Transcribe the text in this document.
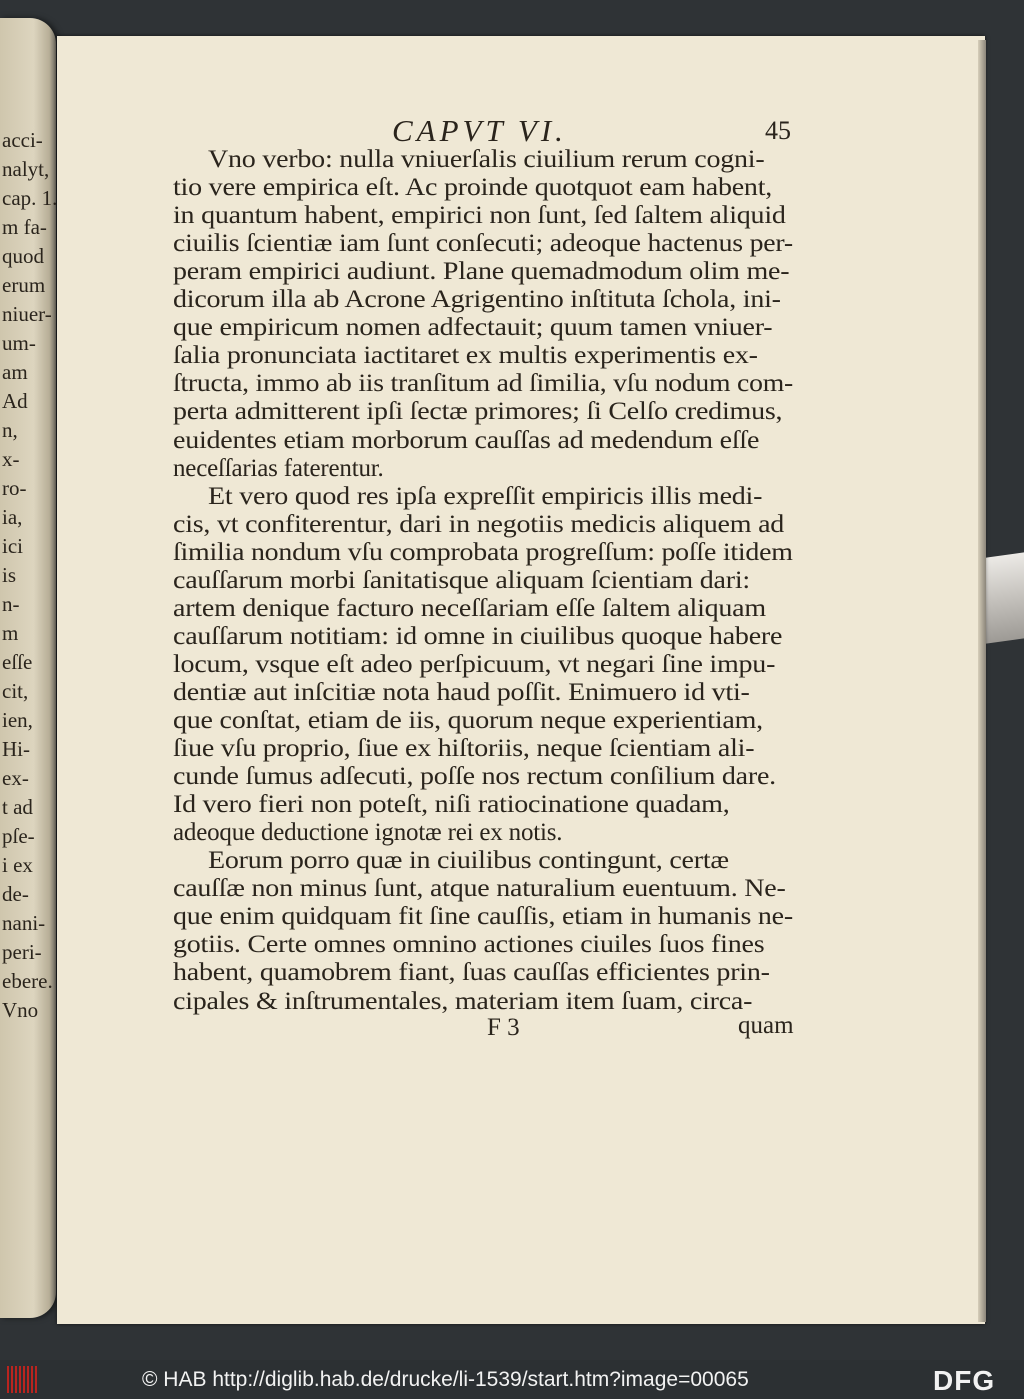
acci-
nalyt,
cap. 1.
m fa-
quod
erum
niuer-
um-
am
Ad
n,
x-
ro-
ia,
ici
is
n-
m
eſſe
cit,
ien,
Hi-
ex-
t ad
pſe-
i ex
de-
nani-
peri-
ebere.
Vno
CAPVT VI.	45
Vno verbo: nulla vniuerſalis ciuilium rerum cogni-
tio vere empirica eſt. Ac proinde quotquot eam habent,
in quantum habent, empirici non ſunt, ſed ſaltem aliquid
ciuilis ſcientiæ iam ſunt conſecuti; adeoque hactenus per-
peram empirici audiunt. Plane quemadmodum olim me-
dicorum illa ab Acrone Agrigentino inſtituta ſchola, ini-
que empiricum nomen adfectauit; quum tamen vniuer-
ſalia pronunciata iactitaret ex multis experimentis ex-
ſtructa, immo ab iis tranſitum ad ſimilia, vſu nodum com-
perta admitterent ipſi ſectæ primores; ſi Celſo credimus,
euidentes etiam morborum cauſſas ad medendum eſſe
neceſſarias faterentur.
Et vero quod res ipſa expreſſit empiricis illis medi-
cis, vt confiterentur, dari in negotiis medicis aliquem ad
ſimilia nondum vſu comprobata progreſſum: poſſe itidem
cauſſarum morbi ſanitatisque aliquam ſcientiam dari:
artem denique facturo neceſſariam eſſe ſaltem aliquam
cauſſarum notitiam: id omne in ciuilibus quoque habere
locum, vsque eſt adeo perſpicuum, vt negari ſine impu-
dentiæ aut inſcitiæ nota haud poſſit. Enimuero id vti-
que conſtat, etiam de iis, quorum neque experientiam,
ſiue vſu proprio, ſiue ex hiſtoriis, neque ſcientiam ali-
cunde ſumus adſecuti, poſſe nos rectum conſilium dare.
Id vero fieri non poteſt, niſi ratiocinatione quadam,
adeoque deductione ignotæ rei ex notis.
Eorum porro quæ in ciuilibus contingunt, certæ
cauſſæ non minus ſunt, atque naturalium euentuum. Ne-
que enim quidquam fit ſine cauſſis, etiam in humanis ne-
gotiis. Certe omnes omnino actiones ciuiles ſuos fines
habent, quamobrem fiant, ſuas cauſſas efficientes prin-
cipales & inſtrumentales, materiam item ſuam, circa-
F 3	quam
© HAB http://diglib.hab.de/drucke/li-1539/start.htm?image=00065	DFG
